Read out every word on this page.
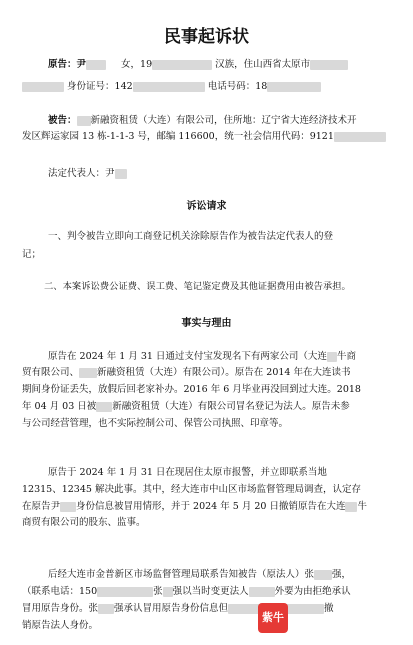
民事起诉状
原告：尹	女，19	汉族，住山西省太原市
身份证号：142	电话号码：18
被告： 新融资租赁（大连）有限公司，住所地：辽宁省大连经济技术开
发区辉运家园 13 栋-1-1-3 号，邮编 116600，统一社会信用代码：9121
法定代表人：尹
诉讼请求
一、判令被告立即向工商登记机关涂除原告作为被告法定代表人的登
记；
二、本案诉讼费公证费、误工费、笔记鉴定费及其他证据费用由被告承担。
事实与理由
原告在 2024 年 1 月 31 日通过支付宝发现名下有两家公司（大连 牛商
贸有限公司、 新融资租赁（大连）有限公司）。原告在 2014 年在大连读书
期间身份证丢失，放假后回老家补办。2016 年 6 月毕业再没回到过大连。2018
年 04 月 03 日被 新融资租赁（大连）有限公司冒名登记为法人。原告未参
与公司经营管理，也不实际控制公司、保管公司执照、印章等。
原告于 2024 年 1 月 31 日在现居住太原市报警，并立即联系当地
12315、12345 解决此事。其中，经大连市中山区市场监督管理局调查，认定存
在原告尹 身份信息被冒用情形，并于 2024 年 5 月 20 日撤销原告在大连 牛
商贸有限公司的股东、监事。
后经大连市金普新区市场监督管理局联系告知被告（原法人）张 强，
（联系电话：150	张 强以当时变更法人	外要为由拒绝承认
冒用原告身份。张 强承认冒用原告身份信息但	撤
销原告法人身份。
紫牛
